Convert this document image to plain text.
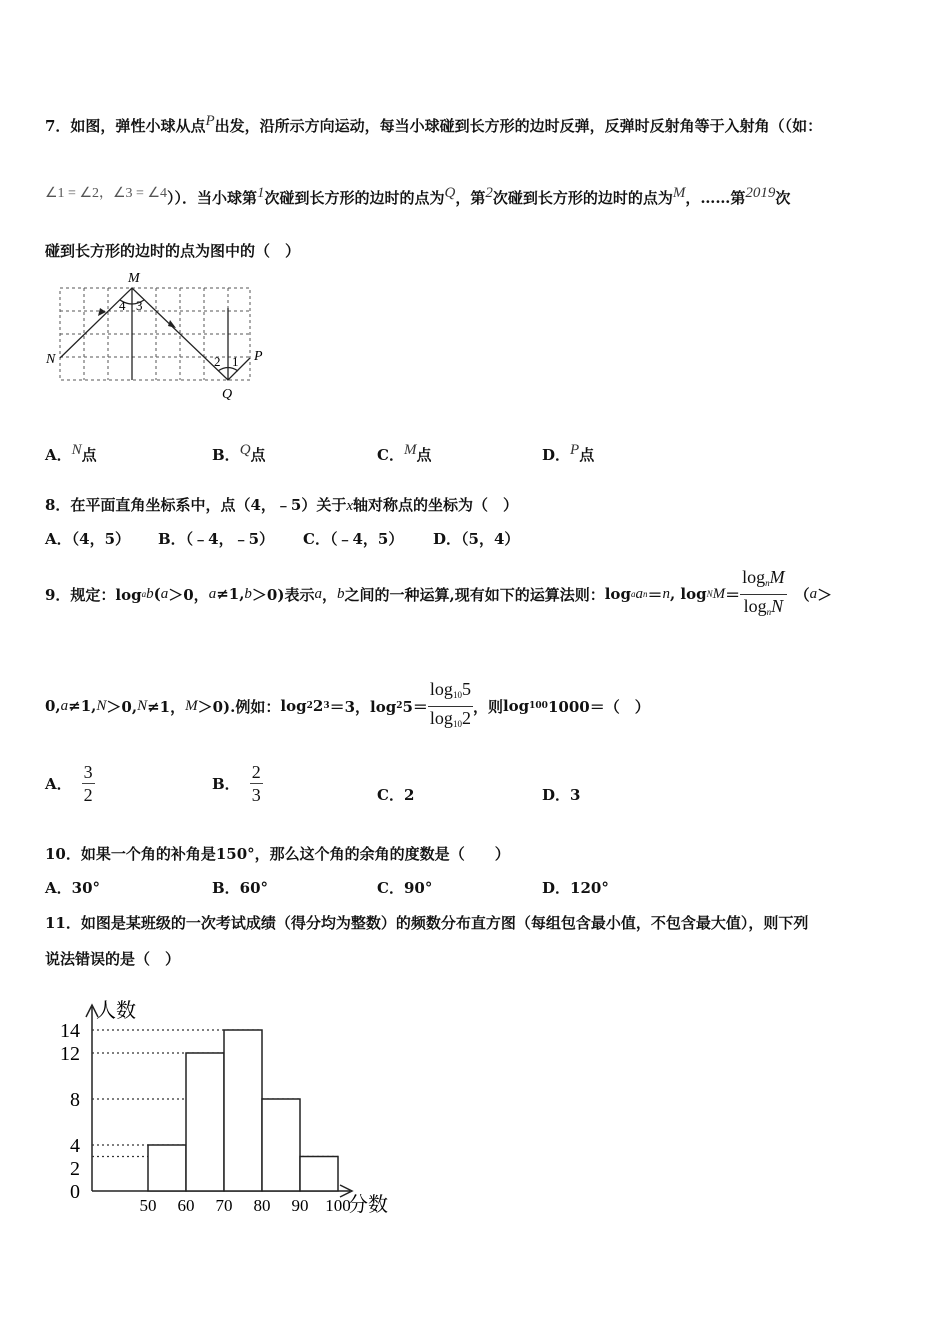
7．如图，弹性小球从点P出发，沿所示方向运动，每当小球碰到长方形的边时反弹，反弹时反射角等于入射角（（如：
∠1 = ∠2，∠3 = ∠4））．当小球第1次碰到长方形的边时的点为Q，第2次碰到长方形的边时的点为M，……第2019次
碰到长方形的边时的点为图中的（　）
M
N	P
Q
4 3
2 1
A．N点	B．Q点	C．M点	D．P点
8．在平面直角坐标系中，点（4，﹣5）关于x轴对称点的坐标为（　）
A．（4，5） B．（﹣4，﹣5） C．（﹣4，5） D．（5，4）
9．规定：log a b ( a ＞0， a ≠1, b ＞0) 表示 a ， b 之间的一种运算,现有如下的运算法则： log a a n ＝ n , log N $M = \frac{\log_nM}{\log_nN}$ （ a ＞
0, a ≠1, N ＞0, N ≠1， M ＞0). 例如： log 2 2 3 ＝3，log 2 $5= \frac{\log_{10}5}{\log_{10}2}$ ，则 log 100 1000＝（　）
A． $\frac{3}{2}$	B． $\frac{2}{3}$	C．2	D．3
10．如果一个角的补角是150°，那么这个角的余角的度数是（　　）
A．30°	B．60°	C．90°	D．120°
11．如图是某班级的一次考试成绩（得分均为整数）的频数分布直方图（每组包含最小值，不包含最大值），则下列
说法错误的是（　）
人数
分数
0
2
4
8
12
14
50 60 70 80 90 100
